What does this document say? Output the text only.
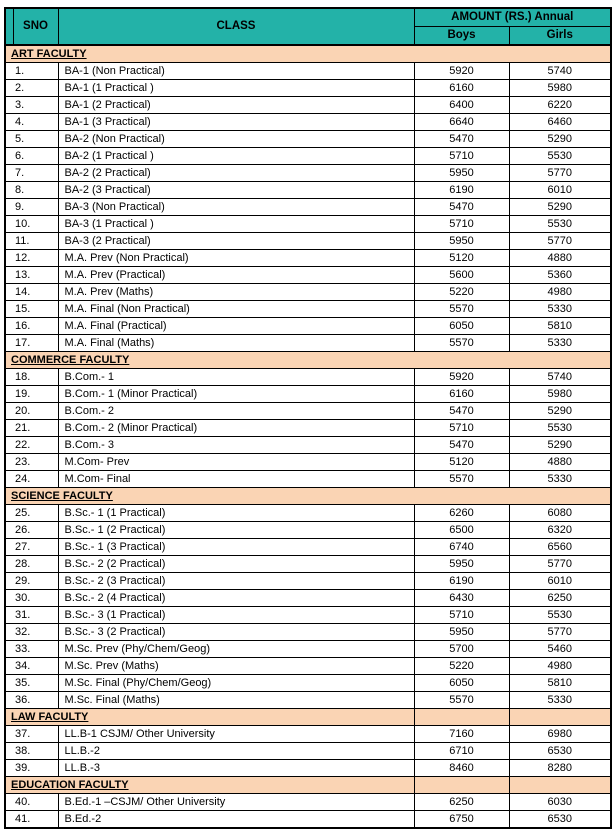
	SNO	CLASS	AMOUNT (RS.) Annual	
			Boys	Girls
ART FACULTY				
1.		BA-1 (Non Practical)	5920	5740
2.		BA-1 (1 Practical )	6160	5980
3.		BA-1 (2 Practical)	6400	6220
4.		BA-1 (3 Practical)	6640	6460
5.		BA-2 (Non Practical)	5470	5290
6.		BA-2 (1 Practical )	5710	5530
7.		BA-2 (2 Practical)	5950	5770
8.		BA-2 (3 Practical)	6190	6010
9.		BA-3 (Non Practical)	5470	5290
10.		BA-3 (1 Practical )	5710	5530
11.		BA-3 (2 Practical)	5950	5770
12.		M.A. Prev (Non Practical)	5120	4880
13.		M.A. Prev (Practical)	5600	5360
14.		M.A. Prev (Maths)	5220	4980
15.		M.A. Final (Non Practical)	5570	5330
16.		M.A. Final (Practical)	6050	5810
17.		M.A. Final (Maths)	5570	5330
COMMERCE FACULTY				
18.		B.Com.- 1	5920	5740
19.		B.Com.- 1 (Minor Practical)	6160	5980
20.		B.Com.- 2	5470	5290
21.		B.Com.- 2 (Minor Practical)	5710	5530
22.		B.Com.- 3	5470	5290
23.		M.Com- Prev	5120	4880
24.		M.Com- Final	5570	5330
SCIENCE FACULTY				
25.		B.Sc.- 1 (1 Practical)	6260	6080
26.		B.Sc.- 1 (2 Practical)	6500	6320
27.		B.Sc.- 1 (3 Practical)	6740	6560
28.		B.Sc.- 2 (2 Practical)	5950	5770
29.		B.Sc.- 2 (3 Practical)	6190	6010
30.		B.Sc.- 2 (4 Practical)	6430	6250
31.		B.Sc.- 3 (1 Practical)	5710	5530
32.		B.Sc.- 3 (2 Practical)	5950	5770
33.		M.Sc. Prev (Phy/Chem/Geog)	5700	5460
34.		M.Sc. Prev (Maths)	5220	4980
35.		M.Sc. Final (Phy/Chem/Geog)	6050	5810
36.		M.Sc. Final (Maths)	5570	5330
LAW FACULTY				
37.		LL.B-1 CSJM/ Other University	7160	6980
38.		LL.B.-2	6710	6530
39.		LL.B.-3	8460	8280
EDUCATION FACULTY				
40.		B.Ed.-1 –CSJM/ Other University	6250	6030
41.		B.Ed.-2	6750	6530
